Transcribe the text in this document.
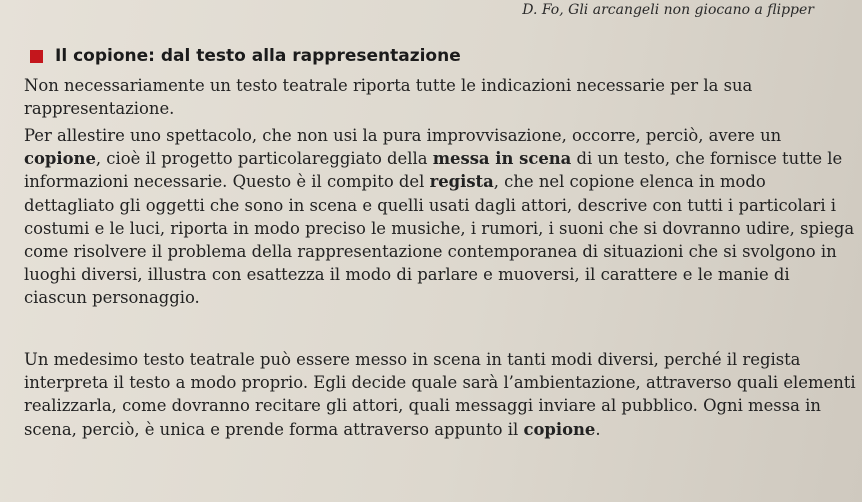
D. Fo, Gli arcangeli non giocano a flipper
Il copione: dal testo alla rappresentazione

Non necessariamente un testo teatrale riporta tutte le indicazioni necessarie per la sua rappresentazione.

Per allestire uno spettacolo, che non usi la pura improvvisazione, occorre, perciò, avere un copione, cioè il progetto particolareggiato della messa in scena di un testo, che fornisce tutte le informazioni necessarie. Questo è il compito del regista, che nel copione elenca in modo dettagliato gli oggetti che sono in scena e quelli usati dagli attori, descrive con tutti i particolari i costumi e le luci, riporta in modo preciso le musiche, i rumori, i suoni che si dovranno udire, spiega come risolvere il problema della rappresentazione contemporanea di situazioni che si svolgono in luoghi diversi, illustra con esattezza il modo di parlare e muoversi, il carattere e le manie di ciascun personaggio.

Un medesimo testo teatrale può essere messo in scena in tanti modi diversi, perché il regista interpreta il testo a modo proprio. Egli decide quale sarà l’ambientazione, attraverso quali elementi realizzarla, come dovranno recitare gli attori, quali messaggi inviare al pubblico. Ogni messa in scena, perciò, è unica e prende forma attraverso appunto il copione.
